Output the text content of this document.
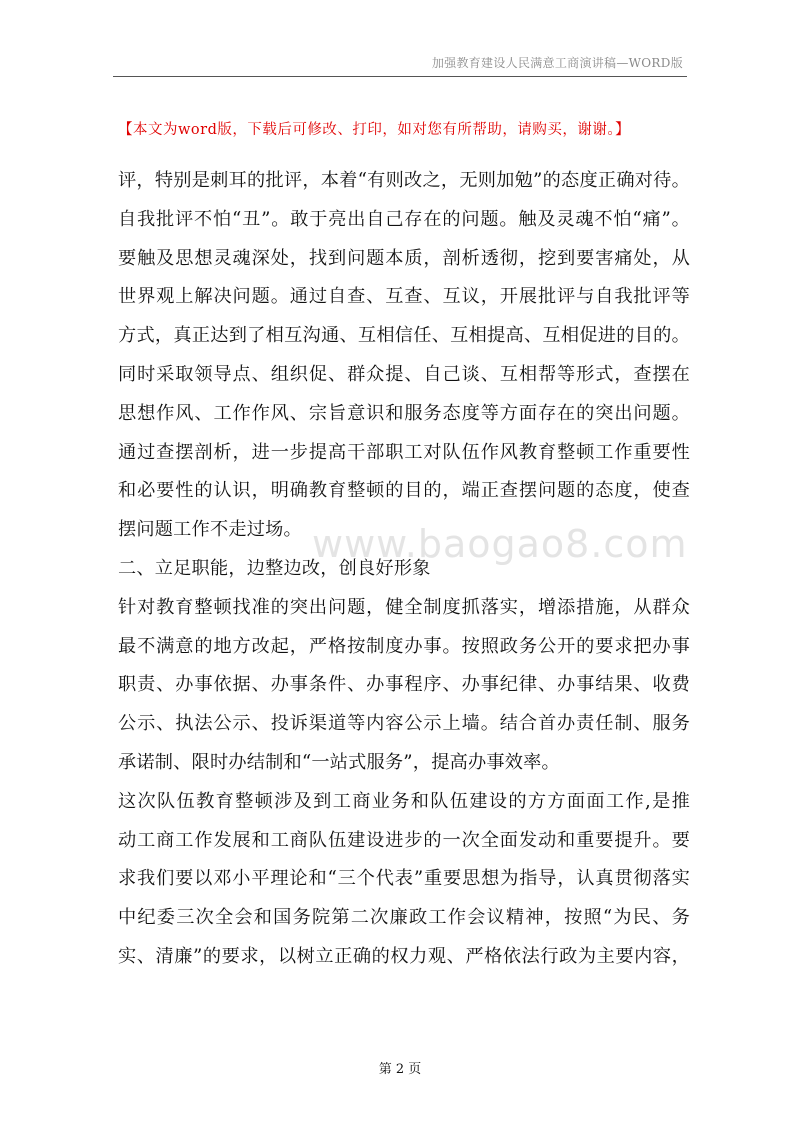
加强教育建设人民满意工商演讲稿—WORD版
【本文为word版，下载后可修改、打印，如对您有所帮助，请购买，谢谢。】
评，特别是刺耳的批评，本着“有则改之，无则加勉”的态度正确对待。
自我批评不怕“丑”。敢于亮出自己存在的问题。触及灵魂不怕“痛”。
要触及思想灵魂深处，找到问题本质，剖析透彻，挖到要害痛处，从
世界观上解决问题。通过自查、互查、互议，开展批评与自我批评等
方式，真正达到了相互沟通、互相信任、互相提高、互相促进的目的。
同时采取领导点、组织促、群众提、自己谈、互相帮等形式，查摆在
思想作风、工作作风、宗旨意识和服务态度等方面存在的突出问题。
通过查摆剖析，进一步提高干部职工对队伍作风教育整顿工作重要性
和必要性的认识，明确教育整顿的目的，端正查摆问题的态度，使查
摆问题工作不走过场。
二、立足职能，边整边改，创良好形象
针对教育整顿找准的突出问题，健全制度抓落实，增添措施，从群众
最不满意的地方改起，严格按制度办事。按照政务公开的要求把办事
职责、办事依据、办事条件、办事程序、办事纪律、办事结果、收费
公示、执法公示、投诉渠道等内容公示上墙。结合首办责任制、服务
承诺制、限时办结制和“一站式服务”，提高办事效率。
这次队伍教育整顿涉及到工商业务和队伍建设的方方面面工作,是推
动工商工作发展和工商队伍建设进步的一次全面发动和重要提升。要
求我们要以邓小平理论和“三个代表”重要思想为指导，认真贯彻落实
中纪委三次全会和国务院第二次廉政工作会议精神，按照“为民、务
实、清廉”的要求，以树立正确的权力观、严格依法行政为主要内容，
www.baogao8.com
第 2 页
